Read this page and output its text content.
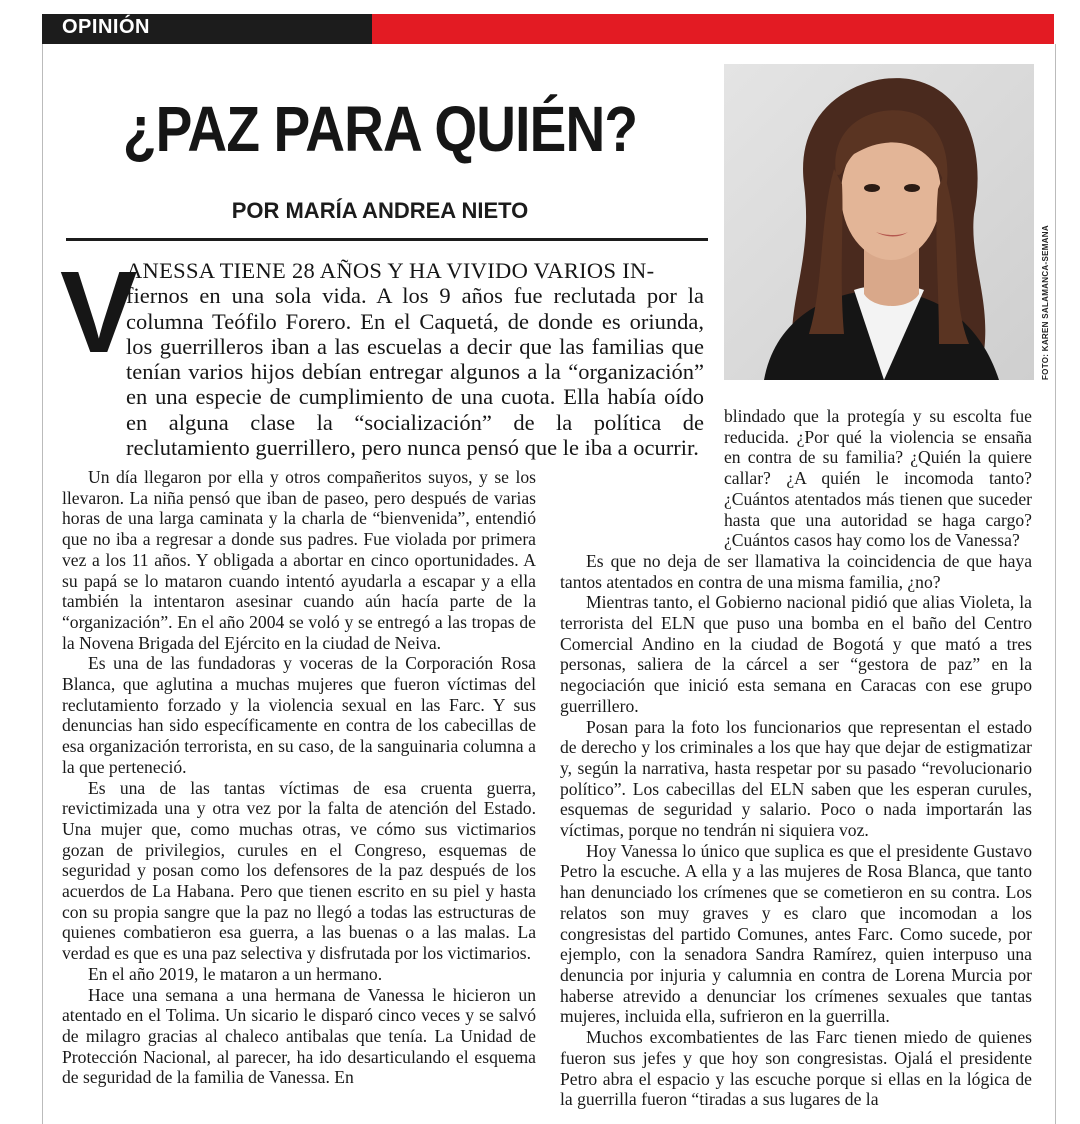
OPINIÓN
¿PAZ PARA QUIÉN?
POR MARÍA ANDREA NIETO
FOTO: KAREN SALAMANCA-SEMANA
V

ANESSA TIENE 28 AÑOS Y HA VIVIDO VARIOS IN-

fiernos en una sola vida. A los 9 años fue reclutada por la columna Teófilo Forero. En el Caquetá, de donde es oriunda, los guerrilleros iban a las escuelas a decir que las familias que tenían varios hijos debían entregar algunos a la “organización” en una especie de cumplimiento de una cuota. Ella había oído en alguna clase la “socialización” de la política de reclutamiento guerrillero, pero nunca pensó que le iba a ocurrir.

Un día llegaron por ella y otros compañeritos suyos, y se los llevaron. La niña pensó que iban de paseo, pero después de varias horas de una larga caminata y la charla de “bienvenida”, entendió que no iba a regresar a donde sus padres. Fue violada por primera vez a los 11 años. Y obligada a abortar en cinco oportunidades. A su papá se lo mataron cuando intentó ayudarla a escapar y a ella también la intentaron asesinar cuando aún hacía parte de la “organización”. En el año 2004 se voló y se entregó a las tropas de la Novena Brigada del Ejército en la ciudad de Neiva.

Es una de las fundadoras y voceras de la Corporación Rosa Blanca, que aglutina a muchas mujeres que fueron víctimas del reclutamiento forzado y la violencia sexual en las Farc. Y sus denuncias han sido específicamente en contra de los cabecillas de esa organización terrorista, en su caso, de la sanguinaria columna a la que perteneció.

Es una de las tantas víctimas de esa cruenta guerra, revictimizada una y otra vez por la falta de atención del Estado. Una mujer que, como muchas otras, ve cómo sus victimarios gozan de privilegios, curules en el Congreso, esquemas de seguridad y posan como los defensores de la paz después de los acuerdos de La Habana. Pero que tienen escrito en su piel y hasta con su propia sangre que la paz no llegó a todas las estructuras de quienes combatieron esa guerra, a las buenas o a las malas. La verdad es que es una paz selectiva y disfrutada por los victimarios.

En el año 2019, le mataron a un hermano.

Hace una semana a una hermana de Vanessa le hicieron un atentado en el Tolima. Un sicario le disparó cinco veces y se salvó de milagro gracias al chaleco antibalas que tenía. La Unidad de Protección Nacional, al parecer, ha ido desarticulando el esquema de seguridad de la familia de Vanessa. En

blindado que la protegía y su escolta fue reducida. ¿Por qué la violencia se ensaña en contra de su familia? ¿Quién la quiere callar? ¿A quién le incomoda tanto? ¿Cuántos atentados más tienen que suceder hasta que una autoridad se haga cargo? ¿Cuántos casos hay como los de Vanessa?

Es que no deja de ser llamativa la coincidencia de que haya tantos atentados en contra de una misma familia, ¿no?

Mientras tanto, el Gobierno nacional pidió que alias Violeta, la terrorista del ELN que puso una bomba en el baño del Centro Comercial Andino en la ciudad de Bogotá y que mató a tres personas, saliera de la cárcel a ser “gestora de paz” en la negociación que inició esta semana en Caracas con ese grupo guerrillero.

Posan para la foto los funcionarios que representan el estado de derecho y los criminales a los que hay que dejar de estigmatizar y, según la narrativa, hasta respetar por su pasado “revolucionario político”. Los cabecillas del ELN saben que les esperan curules, esquemas de seguridad y salario. Poco o nada importarán las víctimas, porque no tendrán ni siquiera voz.

Hoy Vanessa lo único que suplica es que el presidente Gustavo Petro la escuche. A ella y a las mujeres de Rosa Blanca, que tanto han denunciado los crímenes que se cometieron en su contra. Los relatos son muy graves y es claro que incomodan a los congresistas del partido Comunes, antes Farc. Como sucede, por ejemplo, con la senadora Sandra Ramírez, quien interpuso una denuncia por injuria y calumnia en contra de Lorena Murcia por haberse atrevido a denunciar los crímenes sexuales que tantas mujeres, incluida ella, sufrieron en la guerrilla.

Muchos excombatientes de las Farc tienen miedo de quienes fueron sus jefes y que hoy son congresistas. Ojalá el presidente Petro abra el espacio y las escuche porque si ellas en la lógica de la guerrilla fueron “tiradas a sus lugares de la
